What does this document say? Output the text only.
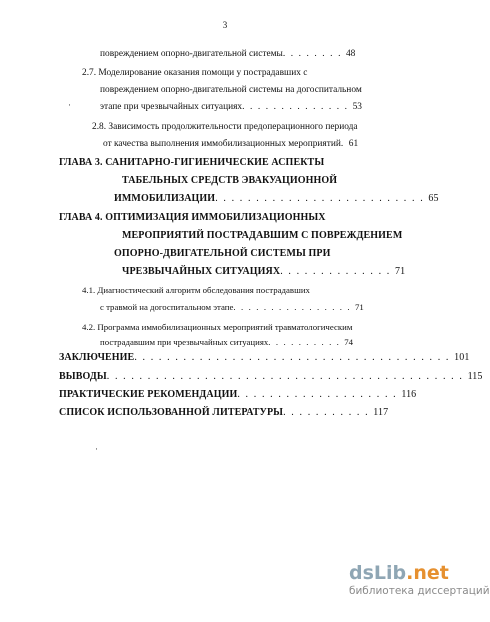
3
повреждением опорно-двигательной системы. . . . . . . . 48
2.7. Моделирование оказания помощи у пострадавших с
повреждением опорно-двигательной системы на догоспитальном
этапе при чрезвычайных ситуациях. . . . . . . . . . . . . . 53
·
2.8. Зависимость продолжительности предоперационного периода
от качества выполнения иммобилизационных мероприятий. 61
ГЛАВА 3. САНИТАРНО-ГИГИЕНИЧЕСКИЕ АСПЕКТЫ
ТАБЕЛЬНЫХ СРЕДСТВ ЭВАКУАЦИОННОЙ
ИММОБИЛИЗАЦИИ. . . . . . . . . . . . . . . . . . . . . . . . . . 65
ГЛАВА 4. ОПТИМИЗАЦИЯ ИММОБИЛИЗАЦИОННЫХ
МЕРОПРИЯТИЙ ПОСТРАДАВШИМ С ПОВРЕЖДЕНИЕМ
ОПОРНО-ДВИГАТЕЛЬНОЙ СИСТЕМЫ ПРИ
ЧРЕЗВЫЧАЙНЫХ СИТУАЦИЯХ. . . . . . . . . . . . . . 71
4.1. Диагностический алгоритм обследования пострадавших
с травмой на догоспитальном этапе. . . . . . . . . . . . . . . . 71
4.2. Программа иммобилизационных мероприятий травматологическим
пострадавшим при чрезвычайных ситуациях. . . . . . . . . . 74
ЗАКЛЮЧЕНИЕ. . . . . . . . . . . . . . . . . . . . . . . . . . . . . . . . . . . . . . . 101
ВЫВОДЫ. . . . . . . . . . . . . . . . . . . . . . . . . . . . . . . . . . . . . . . . . . . . 115
ПРАКТИЧЕСКИЕ РЕКОМЕНДАЦИИ. . . . . . . . . . . . . . . . . . . . 116
СПИСОК ИСПОЛЬЗОВАННОЙ ЛИТЕРАТУРЫ. . . . . . . . . . . 117
·
dsLib.net
библиотека диссертаций
